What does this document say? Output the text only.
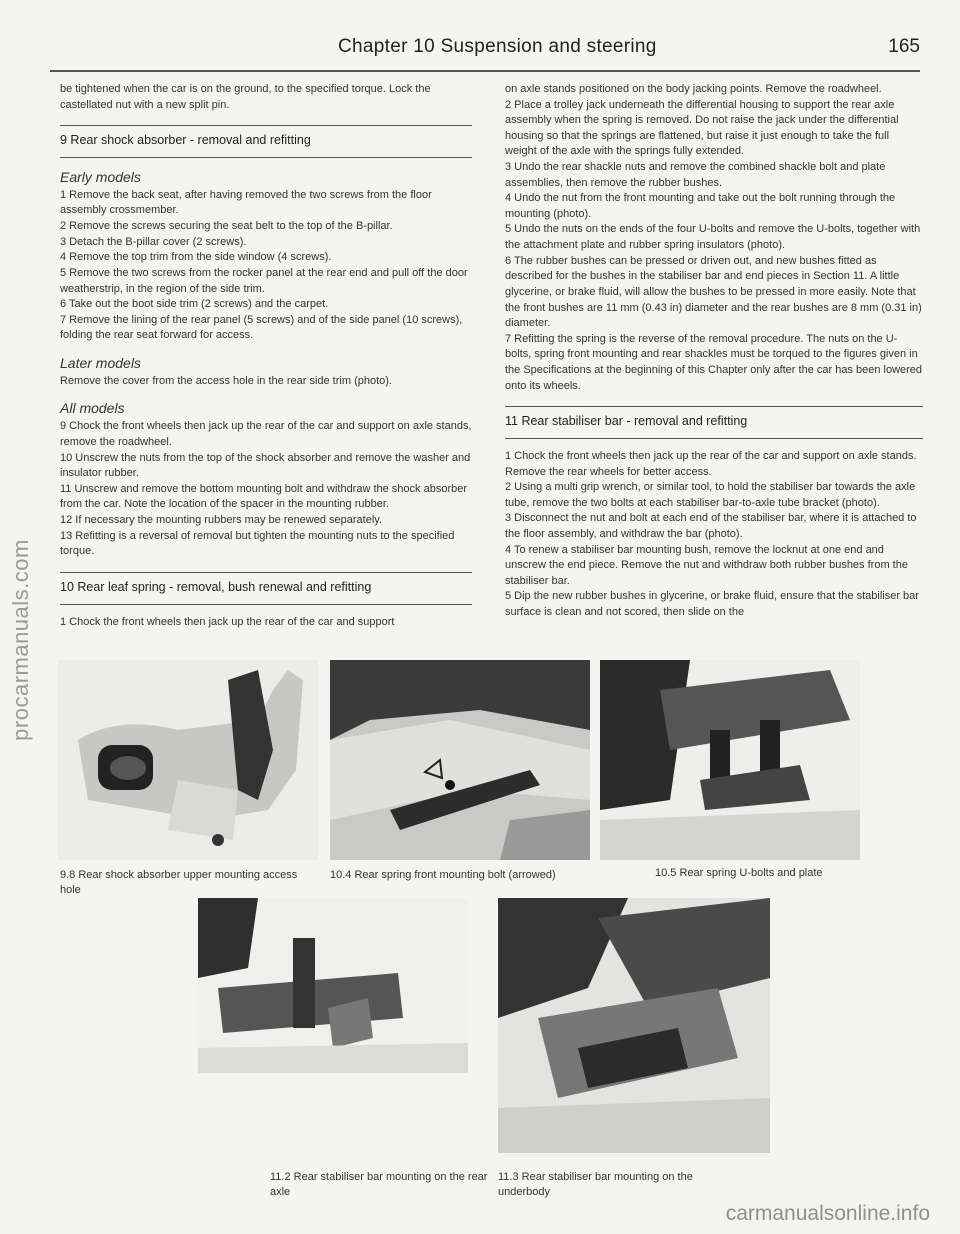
Chapter 10 Suspension and steering	165
procarmanuals.com

be tightened when the car is on the ground, to the specified torque. Lock the castellated nut with a new split pin.

9 Rear shock absorber - removal and refitting
Early models

1 Remove the back seat, after having removed the two screws from the floor assembly crossmember.

2 Remove the screws securing the seat belt to the top of the B-pillar.

3 Detach the B-pillar cover (2 screws).

4 Remove the top trim from the side window (4 screws).

5 Remove the two screws from the rocker panel at the rear end and pull off the door weatherstrip, in the region of the side trim.

6 Take out the boot side trim (2 screws) and the carpet.

7 Remove the lining of the rear panel (5 screws) and of the side panel (10 screws), folding the rear seat forward for access.

Later models

Remove the cover from the access hole in the rear side trim (photo).

All models

9 Chock the front wheels then jack up the rear of the car and support on axle stands, remove the roadwheel.

10 Unscrew the nuts from the top of the shock absorber and remove the washer and insulator rubber.

11 Unscrew and remove the bottom mounting bolt and withdraw the shock absorber from the car. Note the location of the spacer in the mounting rubber.

12 If necessary the mounting rubbers may be renewed separately.

13 Refitting is a reversal of removal but tighten the mounting nuts to the specified torque.

10 Rear leaf spring - removal, bush renewal and refitting

1 Chock the front wheels then jack up the rear of the car and support

on axle stands positioned on the body jacking points. Remove the roadwheel.

2 Place a trolley jack underneath the differential housing to support the rear axle assembly when the spring is removed. Do not raise the jack under the differential housing so that the springs are flattened, but raise it just enough to take the full weight of the axle with the springs fully extended.

3 Undo the rear shackle nuts and remove the combined shackle bolt and plate assemblies, then remove the rubber bushes.

4 Undo the nut from the front mounting and take out the bolt running through the mounting (photo).

5 Undo the nuts on the ends of the four U-bolts and remove the U-bolts, together with the attachment plate and rubber spring insulators (photo).

6 The rubber bushes can be pressed or driven out, and new bushes fitted as described for the bushes in the stabiliser bar and end pieces in Section 11. A little glycerine, or brake fluid, will allow the bushes to be pressed in more easily. Note that the front bushes are 11 mm (0.43 in) diameter and the rear bushes are 8 mm (0.31 in) diameter.

7 Refitting the spring is the reverse of the removal procedure. The nuts on the U-bolts, spring front mounting and rear shackles must be torqued to the figures given in the Specifications at the beginning of this Chapter only after the car has been lowered onto its wheels.

11 Rear stabiliser bar - removal and refitting

1 Chock the front wheels then jack up the rear of the car and support on axle stands. Remove the rear wheels for better access.

2 Using a multi grip wrench, or similar tool, to hold the stabiliser bar towards the axle tube, remove the two bolts at each stabiliser bar-to-axle tube bracket (photo).

3 Disconnect the nut and bolt at each end of the stabiliser bar, where it is attached to the floor assembly, and withdraw the bar (photo).

4 To renew a stabiliser bar mounting bush, remove the locknut at one end and unscrew the end piece. Remove the nut and withdraw both rubber bushes from the stabiliser bar.

5 Dip the new rubber bushes in glycerine, or brake fluid, ensure that the stabiliser bar surface is clean and not scored, then slide on the

9.8 Rear shock absorber upper mounting access hole
10.4 Rear spring front mounting bolt (arrowed)	10.5 Rear spring U-bolts and plate
11.2 Rear stabiliser bar mounting on the rear axle
11.3 Rear stabiliser bar mounting on the underbody
carmanualsonline.info
